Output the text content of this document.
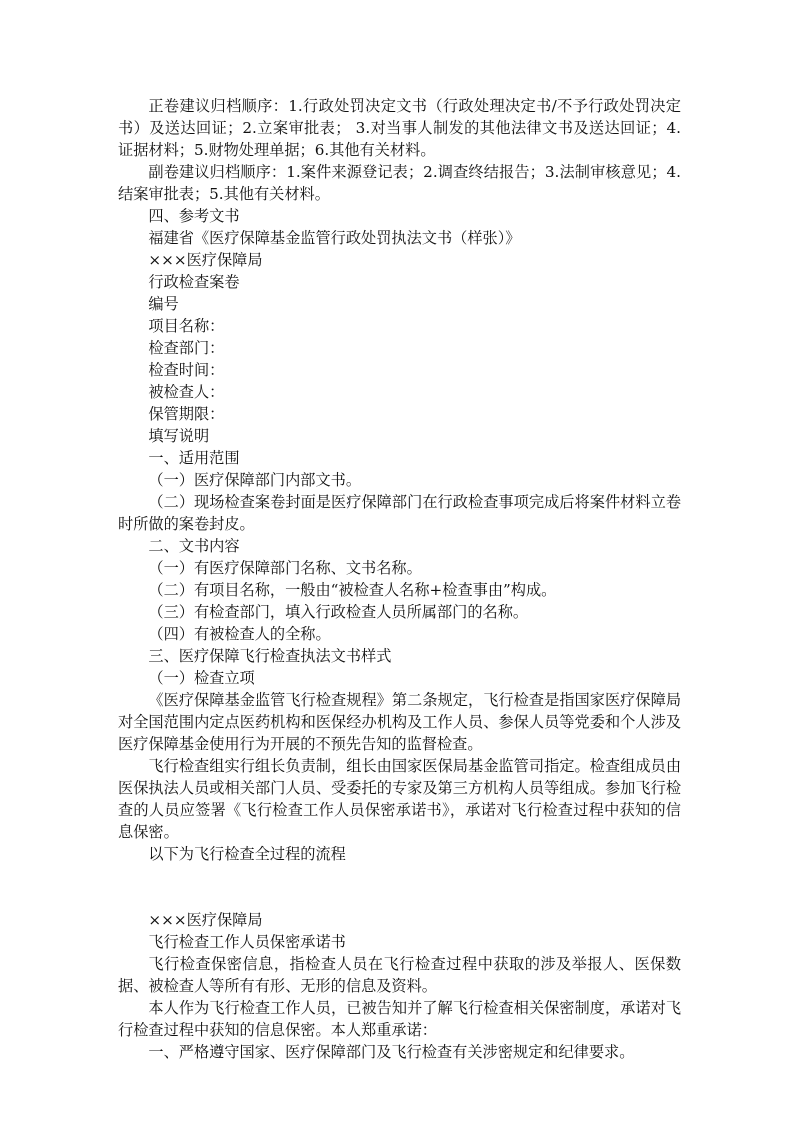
正卷建议归档顺序：1.行政处罚决定文书（行政处理决定书/不予行政处罚决定书）及送达回证；2.立案审批表； 3.对当事人制发的其他法律文书及送达回证；4.证据材料；5.财物处理单据；6.其他有关材料。

副卷建议归档顺序：1.案件来源登记表；2.调查终结报告；3.法制审核意见；4.结案审批表；5.其他有关材料。

四、参考文书

福建省《医疗保障基金监管行政处罚执法文书（样张）》

×××医疗保障局

行政检查案卷

编号

项目名称：

检查部门：

检查时间：

被检查人：

保管期限：

填写说明

一、适用范围

（一）医疗保障部门内部文书。

（二）现场检查案卷封面是医疗保障部门在行政检查事项完成后将案件材料立卷时所做的案卷封皮。

二、文书内容

（一）有医疗保障部门名称、文书名称。

（二）有项目名称，一般由“被检查人名称+检查事由”构成。

（三）有检查部门，填入行政检查人员所属部门的名称。

（四）有被检查人的全称。

三、医疗保障飞行检查执法文书样式

（一）检查立项

《医疗保障基金监管飞行检查规程》第二条规定，飞行检查是指国家医疗保障局对全国范围内定点医药机构和医保经办机构及工作人员、参保人员等党委和个人涉及医疗保障基金使用行为开展的不预先告知的监督检查。

飞行检查组实行组长负责制，组长由国家医保局基金监管司指定。检查组成员由医保执法人员或相关部门人员、受委托的专家及第三方机构人员等组成。参加飞行检查的人员应签署《飞行检查工作人员保密承诺书》，承诺对飞行检查过程中获知的信息保密。

以下为飞行检查全过程的流程

×××医疗保障局

飞行检查工作人员保密承诺书

飞行检查保密信息，指检查人员在飞行检查过程中获取的涉及举报人、医保数据、被检查人等所有有形、无形的信息及资料。

本人作为飞行检查工作人员，已被告知并了解飞行检查相关保密制度，承诺对飞行检查过程中获知的信息保密。本人郑重承诺：

一、严格遵守国家、医疗保障部门及飞行检查有关涉密规定和纪律要求。
